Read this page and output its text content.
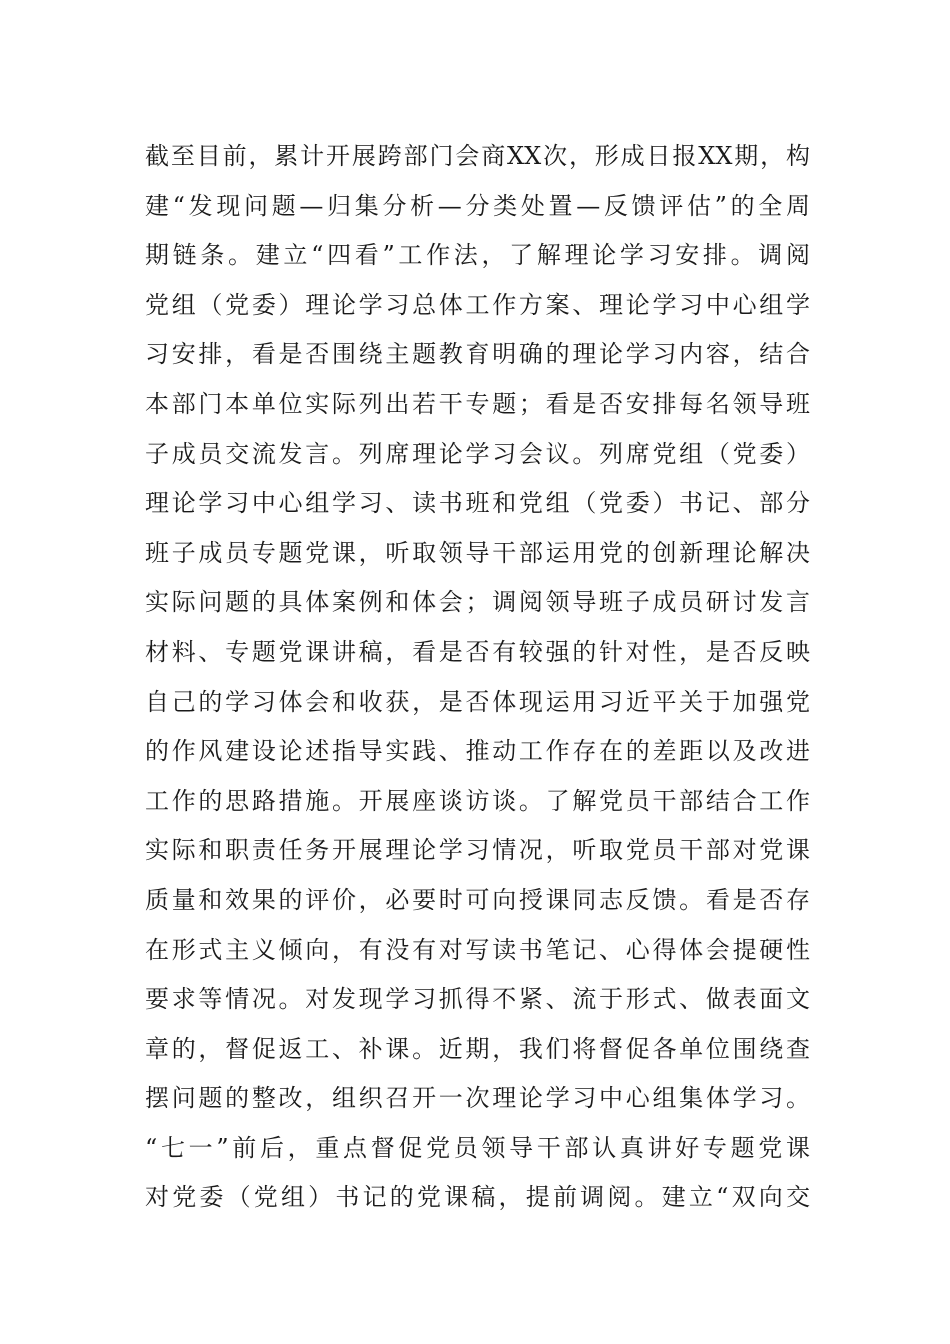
截至目前，累计开展跨部门会商XX次，形成日报XX期，构
建“发现问题—归集分析—分类处置—反馈评估”的全周
期链条。建立“四看”工作法，了解理论学习安排。调阅
党组（党委）理论学习总体工作方案、理论学习中心组学
习安排，看是否围绕主题教育明确的理论学习内容，结合
本部门本单位实际列出若干专题；看是否安排每名领导班
子成员交流发言。列席理论学习会议。列席党组（党委）
理论学习中心组学习、读书班和党组（党委）书记、部分
班子成员专题党课，听取领导干部运用党的创新理论解决
实际问题的具体案例和体会；调阅领导班子成员研讨发言
材料、专题党课讲稿，看是否有较强的针对性，是否反映
自己的学习体会和收获，是否体现运用习近平关于加强党
的作风建设论述指导实践、推动工作存在的差距以及改进
工作的思路措施。开展座谈访谈。了解党员干部结合工作
实际和职责任务开展理论学习情况，听取党员干部对党课
质量和效果的评价，必要时可向授课同志反馈。看是否存
在形式主义倾向，有没有对写读书笔记、心得体会提硬性
要求等情况。对发现学习抓得不紧、流于形式、做表面文
章的，督促返工、补课。近期，我们将督促各单位围绕查
摆问题的整改，组织召开一次理论学习中心组集体学习。
“七一”前后，重点督促党员领导干部认真讲好专题党课
对党委（党组）书记的党课稿，提前调阅。建立“双向交
